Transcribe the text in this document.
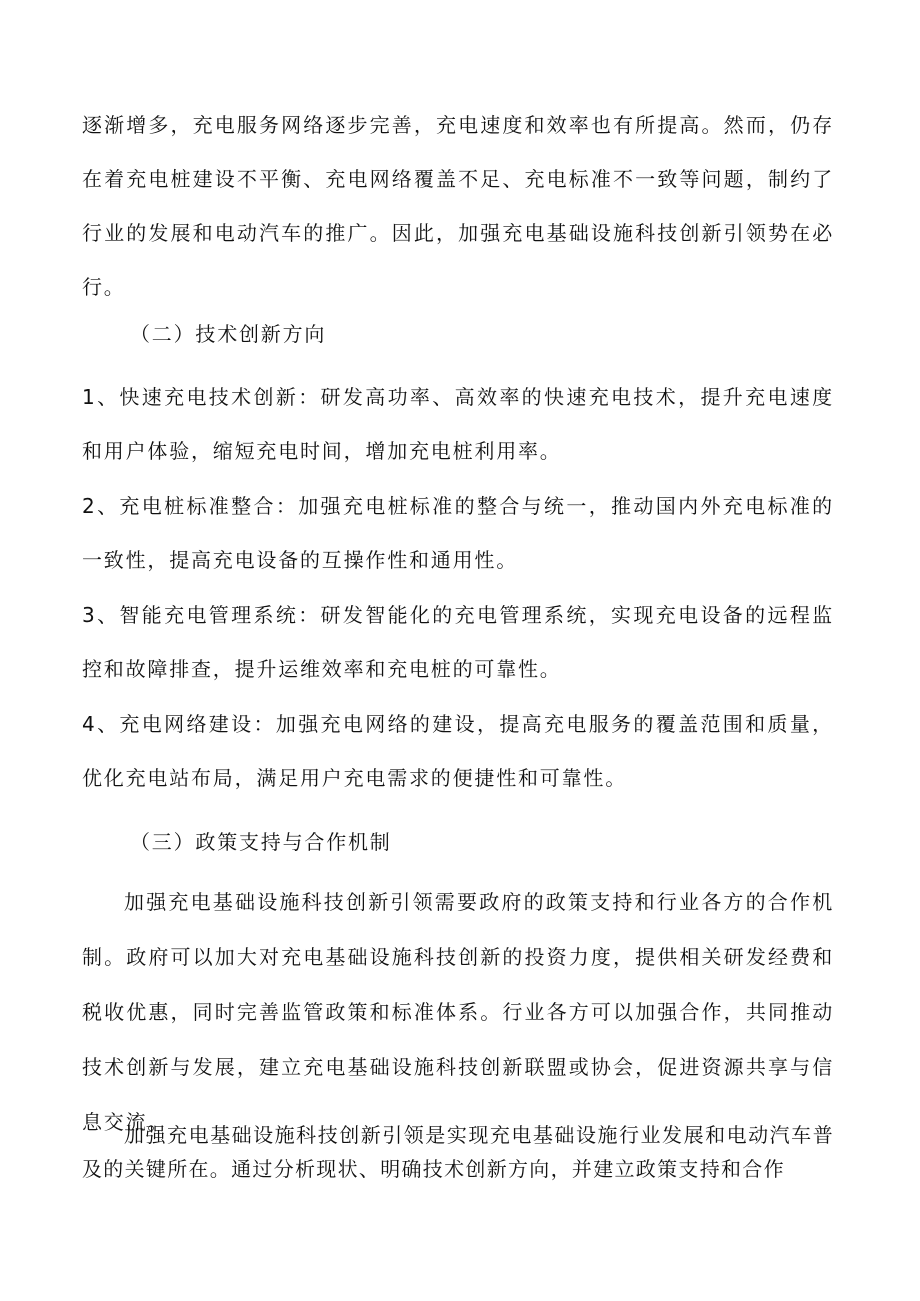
逐渐增多，充电服务网络逐步完善，充电速度和效率也有所提高。然而，仍存在着充电桩建设不平衡、充电网络覆盖不足、充电标准不一致等问题，制约了行业的发展和电动汽车的推广。因此，加强充电基础设施科技创新引领势在必行。

（二）技术创新方向

1、快速充电技术创新：研发高功率、高效率的快速充电技术，提升充电速度和用户体验，缩短充电时间，增加充电桩利用率。

2、充电桩标准整合：加强充电桩标准的整合与统一，推动国内外充电标准的一致性，提高充电设备的互操作性和通用性。

3、智能充电管理系统：研发智能化的充电管理系统，实现充电设备的远程监控和故障排查，提升运维效率和充电桩的可靠性。

4、充电网络建设：加强充电网络的建设，提高充电服务的覆盖范围和质量，优化充电站布局，满足用户充电需求的便捷性和可靠性。

（三）政策支持与合作机制

加强充电基础设施科技创新引领需要政府的政策支持和行业各方的合作机制。政府可以加大对充电基础设施科技创新的投资力度，提供相关研发经费和税收优惠，同时完善监管政策和标准体系。行业各方可以加强合作，共同推动技术创新与发展，建立充电基础设施科技创新联盟或协会，促进资源共享与信息交流。

加强充电基础设施科技创新引领是实现充电基础设施行业发展和电动汽车普及的关键所在。通过分析现状、明确技术创新方向，并建立政策支持和合作
